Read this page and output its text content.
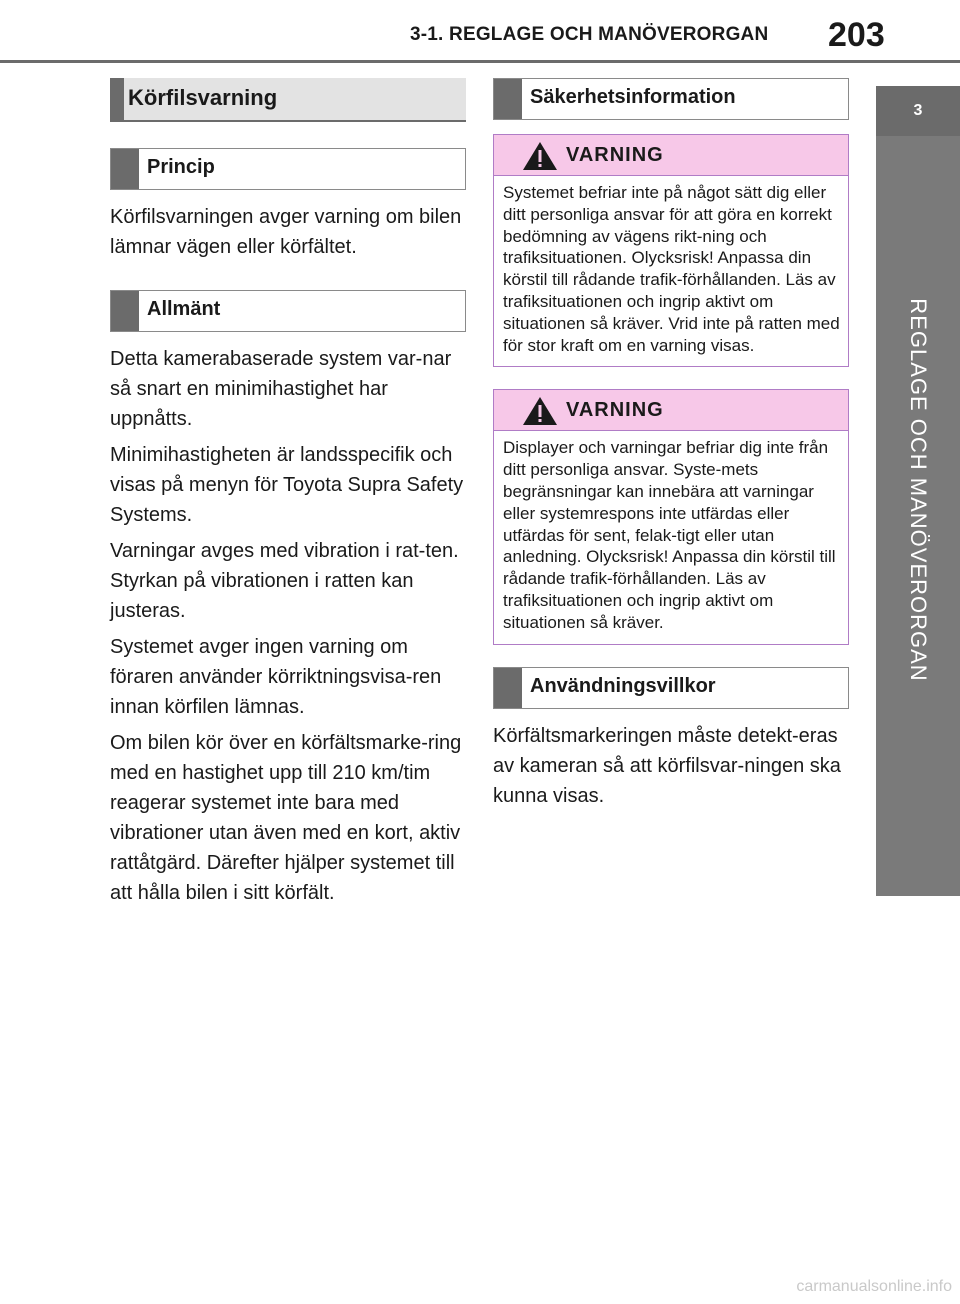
3-1. REGLAGE OCH MANÖVERORGAN 203
3
REGLAGE OCH MANÖVERORGAN
Körfilsvarning
Princip

Körfilsvarningen avger varning om bilen lämnar vägen eller körfältet.

Allmänt

Detta kamerabaserade system var-nar så snart en minimihastighet har uppnåtts.

Minimihastigheten är landsspecifik och visas på menyn för Toyota Supra Safety Systems.

Varningar avges med vibration i rat-ten. Styrkan på vibrationen i ratten kan justeras.

Systemet avger ingen varning om föraren använder körriktningsvisa-ren innan körfilen lämnas.

Om bilen kör över en körfältsmarke-ring med en hastighet upp till 210 km/tim reagerar systemet inte bara med vibrationer utan även med en kort, aktiv rattåtgärd. Därefter hjälper systemet till att hålla bilen i sitt körfält.

Säkerhetsinformation
VARNING
Systemet befriar inte på något sätt dig eller ditt personliga ansvar för att göra en korrekt bedömning av vägens rikt-ning och trafiksituationen. Olycksrisk! Anpassa din körstil till rådande trafik-förhållanden. Läs av trafiksituationen och ingrip aktivt om situationen så kräver. Vrid inte på ratten med för stor kraft om en varning visas.
VARNING
Displayer och varningar befriar dig inte från ditt personliga ansvar. Syste-mets begränsningar kan innebära att varningar eller systemrespons inte utfärdas eller utfärdas för sent, felak-tigt eller utan anledning. Olycksrisk! Anpassa din körstil till rådande trafik-förhållanden. Läs av trafiksituationen och ingrip aktivt om situationen så kräver.
Användningsvillkor

Körfältsmarkeringen måste detekt-eras av kameran så att körfilsvar-ningen ska kunna visas.

carmanualsonline.info
